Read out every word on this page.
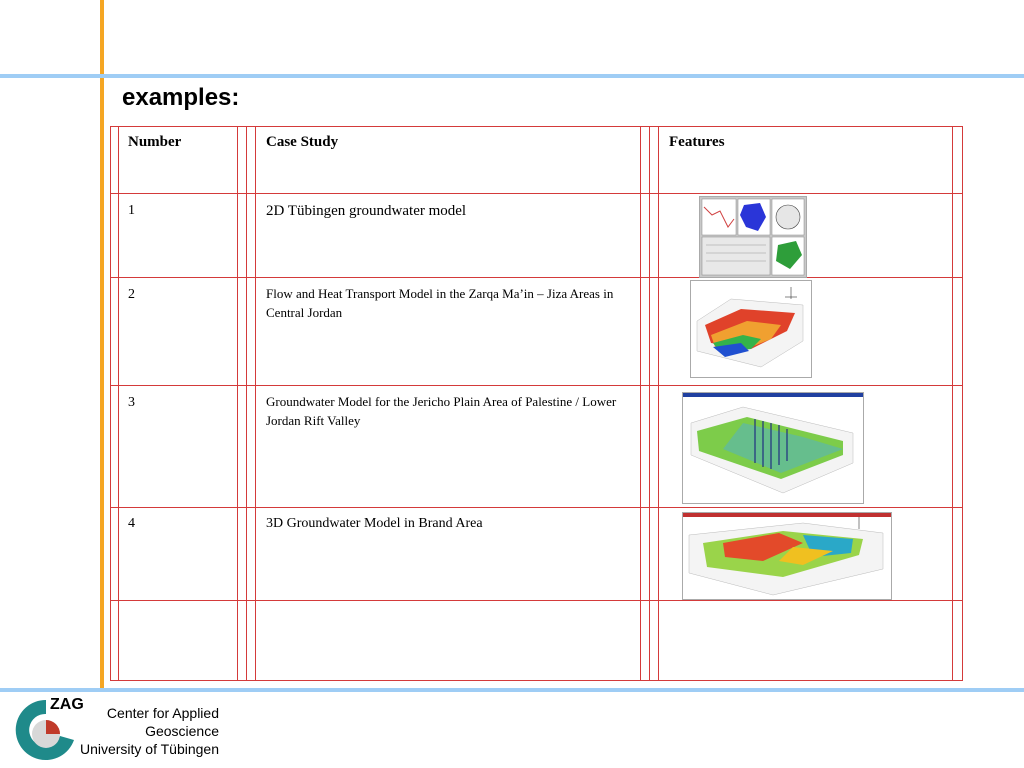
examples:
Number	Case Study	Features
1	2D Tübingen groundwater model
2	Flow and Heat Transport Model in the Zarqa Ma’in – Jiza Areas in Central Jordan
3	Groundwater Model for the Jericho Plain Area of Palestine / Lower Jordan Rift Valley
4	3D Groundwater Model in Brand Area
ZAG	Center for Applied
Geoscience
University of Tübingen
